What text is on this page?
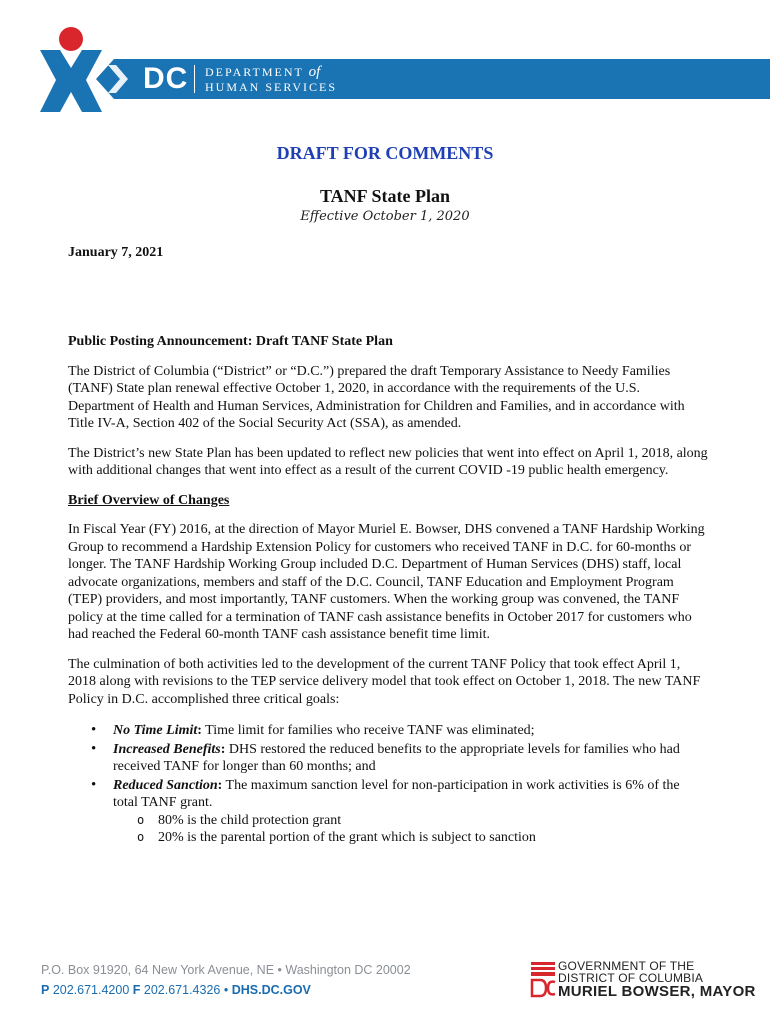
DC DEPARTMENT of
HUMAN SERVICES
DRAFT FOR COMMENTS
TANF State Plan
Effective October 1, 2020
January 7, 2021
Public Posting Announcement: Draft TANF State Plan

The District of Columbia (“District” or “D.C.”) prepared the draft Temporary Assistance to Needy Families (TANF) State plan renewal effective October 1, 2020, in accordance with the requirements of the U.S. Department of Health and Human Services, Administration for Children and Families, and in accordance with Title IV-A, Section 402 of the Social Security Act (SSA), as amended.

The District’s new State Plan has been updated to reflect new policies that went into effect on April 1, 2018, along with additional changes that went into effect as a result of the current COVID -19 public health emergency.

Brief Overview of Changes

In Fiscal Year (FY) 2016, at the direction of Mayor Muriel E. Bowser, DHS convened a TANF Hardship Working Group to recommend a Hardship Extension Policy for customers who received TANF in D.C. for 60-months or longer. The TANF Hardship Working Group included D.C. Department of Human Services (DHS) staff, local advocate organizations, members and staff of the D.C. Council, TANF Education and Employment Program (TEP) providers, and most importantly, TANF customers. When the working group was convened, the TANF policy at the time called for a termination of TANF cash assistance benefits in October 2017 for customers who had reached the Federal 60-month TANF cash assistance benefit time limit.

The culmination of both activities led to the development of the current TANF Policy that took effect April 1, 2018 along with revisions to the TEP service delivery model that took effect on October 1, 2018. The new TANF Policy in D.C. accomplished three critical goals:

• No Time Limit: Time limit for families who receive TANF was eliminated;
• Increased Benefits: DHS restored the reduced benefits to the appropriate levels for families who had received TANF for longer than 60 months; and
• Reduced Sanction: The maximum sanction level for non-participation in work activities is 6% of the total TANF grant.
o 80% is the child protection grant
o 20% is the parental portion of the grant which is subject to sanction
P.O. Box 91920, 64 New York Avenue, NE • Washington DC 20002
P 202.671.4200 F 202.671.4326 • DHS.DC.GOV
GOVERNMENT OF THE
DISTRICT OF COLUMBIA
MURIEL BOWSER, MAYOR
